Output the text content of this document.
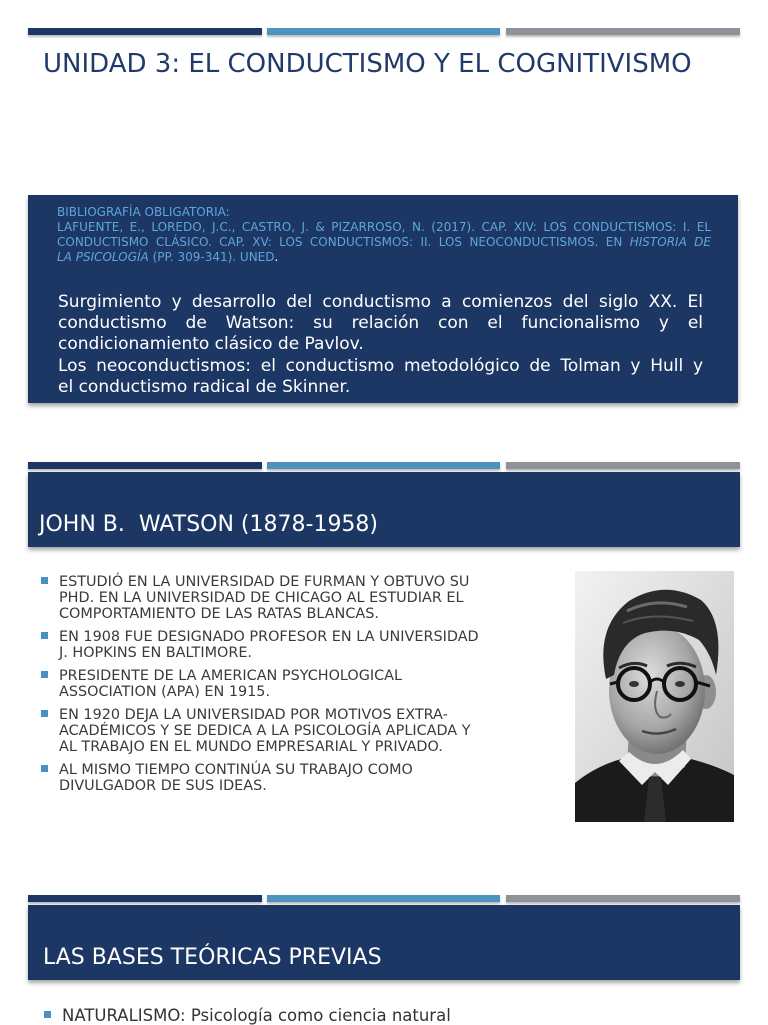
UNIDAD 3: EL CONDUCTISMO Y EL COGNITIVISMO
BIBLIOGRAFÍA OBLIGATORIA:
LAFUENTE, E., LOREDO, J.C., CASTRO, J. & PIZARROSO, N. (2017). CAP. XIV: LOS CONDUCTISMOS: I. EL
CONDUCTISMO CLÁSICO. CAP. XV: LOS CONDUCTISMOS: II. LOS NEOCONDUCTISMOS. EN HISTORIA DE
LA PSICOLOGÍA (PP. 309-341). UNED.
Surgimiento y desarrollo del conductismo a comienzos del siglo XX. El
conductismo de Watson: su relación con el funcionalismo y el
condicionamiento clásico de Pavlov.
Los neoconductismos: el conductismo metodológico de Tolman y Hull y
el conductismo radical de Skinner.
JOHN B.  WATSON (1878-1958)
ESTUDIÓ EN LA UNIVERSIDAD DE FURMAN Y OBTUVO SU
PHD. EN LA UNIVERSIDAD DE CHICAGO AL ESTUDIAR EL
COMPORTAMIENTO DE LAS RATAS BLANCAS.
EN 1908 FUE DESIGNADO PROFESOR EN LA UNIVERSIDAD
J. HOPKINS EN BALTIMORE.
PRESIDENTE DE LA AMERICAN PSYCHOLOGICAL
ASSOCIATION (APA) EN 1915.
EN 1920 DEJA LA UNIVERSIDAD POR MOTIVOS EXTRA-
ACADÉMICOS Y SE DEDICA A LA PSICOLOGÍA APLICADA Y
AL TRABAJO EN EL MUNDO EMPRESARIAL Y PRIVADO.
AL MISMO TIEMPO CONTINÚA SU TRABAJO COMO
DIVULGADOR DE SUS IDEAS.
LAS BASES TEÓRICAS PREVIAS
NATURALISMO: Psicología como ciencia natural
